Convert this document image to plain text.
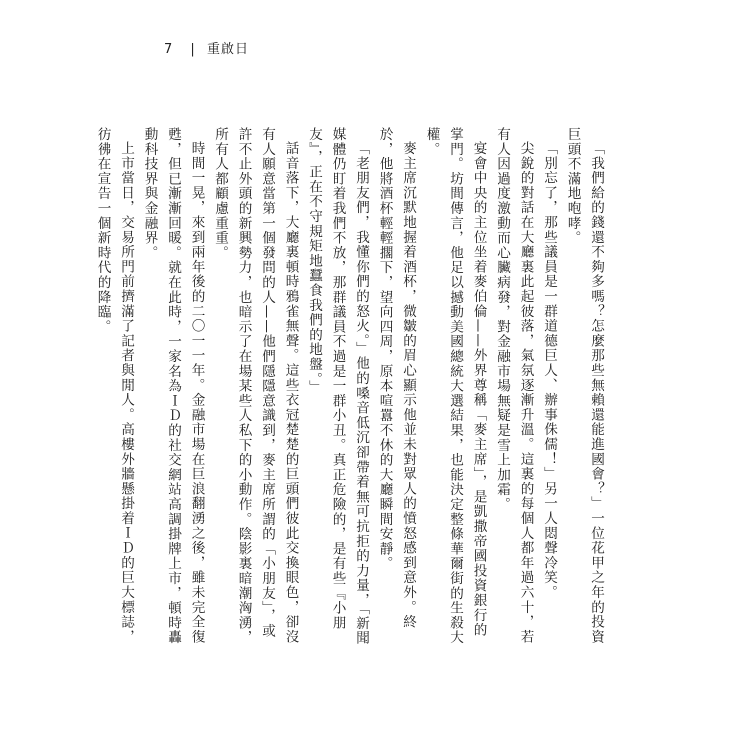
7 | 重啟日

「我們給的錢還不夠多嗎？怎麼那些無賴還能進國會？」一位花甲之年的投資巨頭不滿地咆哮。

「別忘了，那些議員是一群道德巨人、辦事侏儒！」另一人悶聲冷笑。

尖銳的對話在大廳裏此起彼落，氣氛逐漸升溫。這裏的每個人都年過六十，若有人因過度激動而心臟病發，對金融市場無疑是雪上加霜。

宴會中央的主位坐着麥伯倫——外界尊稱「麥主席」，是凱撒帝國投資銀行的掌門。坊間傳言，他足以撼動美國總統大選結果，也能決定整條華爾街的生殺大權。

麥主席沉默地握着酒杯，微皺的眉心顯示他並未對眾人的憤怒感到意外。終於，他將酒杯輕輕擱下，望向四周，原本喧囂不休的大廳瞬間安靜。

「老朋友們，我懂你們的怒火。」他的嗓音低沉卻帶着無可抗拒的力量，「新聞媒體仍盯着我們不放，那群議員不過是一群小丑。真正危險的，是有些『小朋友』，正在不守規矩地蠶食我們的地盤。」

話音落下，大廳裏頓時鴉雀無聲。這些衣冠楚楚的巨頭們彼此交換眼色，卻沒有人願意當第一個發問的人——他們隱隱意識到，麥主席所謂的「小朋友」，或許不止外頭的新興勢力，也暗示了在場某些人私下的小動作。陰影裏暗潮洶湧，所有人都顧慮重重。

時間一晃，來到兩年後的二〇一一年。金融市場在巨浪翻湧之後，雖未完全復甦，但已漸漸回暖。就在此時，一家名為ＩＤ的社交網站高調掛牌上市，頓時轟動科技界與金融界。

上市當日，交易所門前擠滿了記者與閒人。高樓外牆懸掛着ＩＤ的巨大標誌，彷彿在宣告一個新時代的降臨。
